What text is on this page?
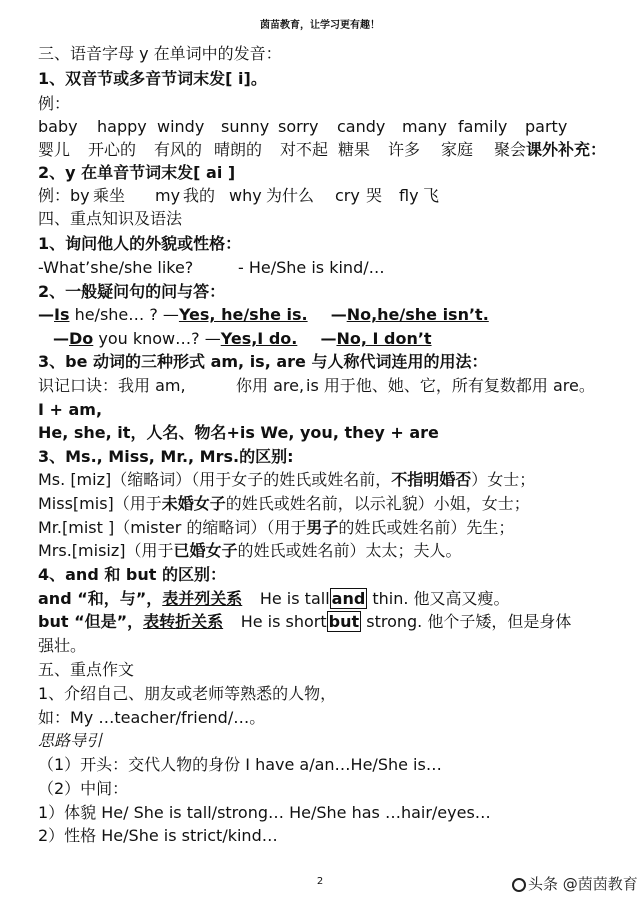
茵苗教育，让学习更有趣！
三、语音字母 y 在单词中的发音：
1、双音节或多音节词末发[ i]。
例：
baby happy windy sunny sorry candy many family party
婴儿 开心的 有风的 晴朗的 对不起 糖果 许多 家庭 聚会 课外补充：
2、y 在单音节词末发[ ai ]
例：by 乘坐 my 我的 why 为什么 cry 哭 fly 飞
四、重点知识及语法
1、询问他人的外貌或性格：
-What’she/she like?	- He/She is kind/…
2、一般疑问句的问与答：
—Is he/she… ? —Yes, he/she is. —No,he/she isn’t.
—Do you know…? —Yes,I do. —No, I don’t
3、be 动词的三种形式 am, is, are 与人称代词连用的用法：
识记口诀：我用 am,	你用 are, is 用于他、她、它，所有复数都用 are。
I + am,
He, she, it，人名、物名+is We, you, they + are
3、Ms., Miss, Mr., Mrs.的区别:
Ms. [miz]（缩略词）（用于女子的姓氏或姓名前，不指明婚否）女士；
Miss[mis]（用于未婚女子的姓氏或姓名前，以示礼貌）小姐，女士；
Mr.[mist ]（mister 的缩略词）（用于男子的姓氏或姓名前）先生；
Mrs.[misiz]（用于已婚女子的姓氏或姓名前）太太；夫人。
4、and 和 but 的区别：
and “和，与”，表并列关系 He is tall and thin. 他又高又瘦。
but “但是”，表转折关系 He is short but strong. 他个子矮，但是身体
强壮。
五、重点作文
1、介绍自己、朋友或老师等熟悉的人物，
如：My …teacher/friend/…。
思路导引
（1）开头：交代人物的身份 I have a/an…He/She is…
（2）中间：
1）体貌 He/ She is tall/strong… He/She has …hair/eyes…
2）性格 He/She is strict/kind…
2	头条 @茵茵教育
